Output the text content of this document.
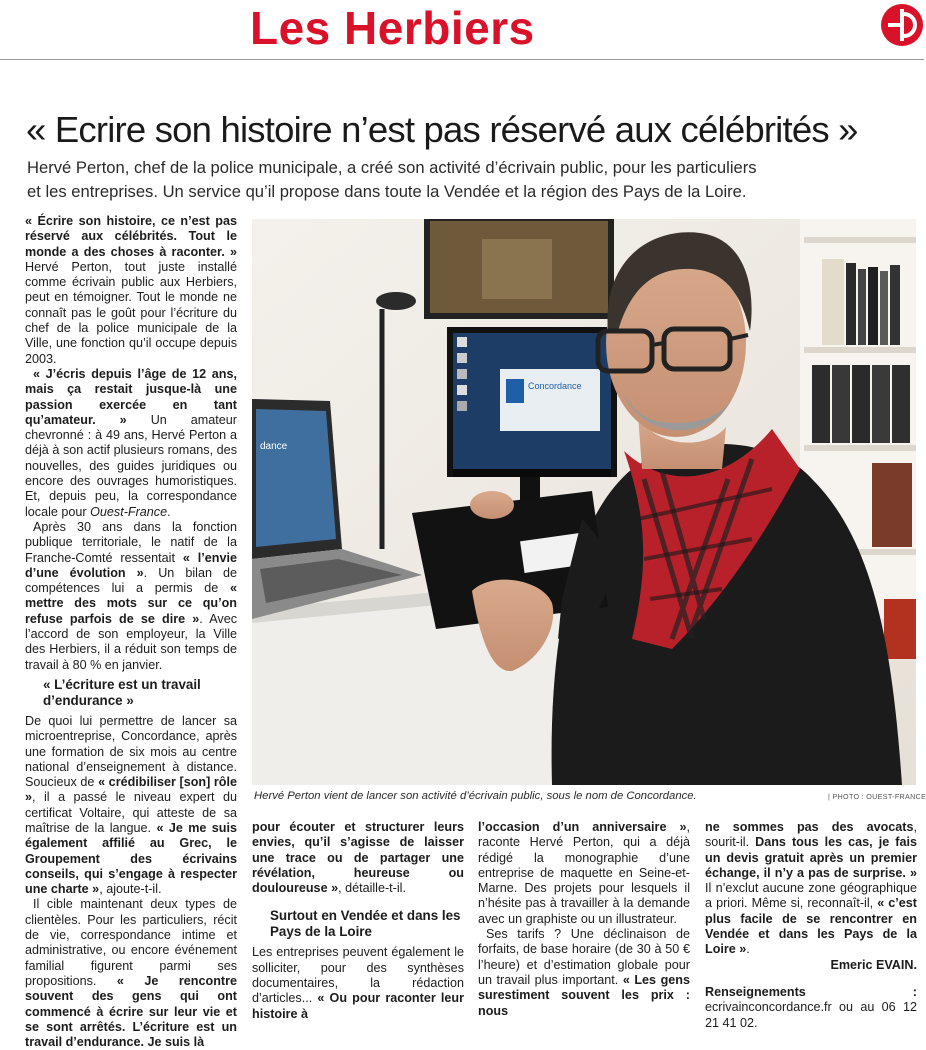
Les Herbiers
« Ecrire son histoire n’est pas réservé aux célébrités »
Hervé Perton, chef de la police municipale, a créé son activité d’écrivain public, pour les particuliers
et les entreprises. Un service qu’il propose dans toute la Vendée et la région des Pays de la Loire.

« Écrire son histoire, ce n’est pas réservé aux célébrités. Tout le monde a des choses à raconter. » Hervé Perton, tout juste installé comme écrivain public aux Herbiers, peut en témoigner. Tout le monde ne connaît pas le goût pour l’écriture du chef de la police municipale de la Ville, une fonction qu’il occupe depuis 2003.

« J’écris depuis l’âge de 12 ans, mais ça restait jusque-là une passion exercée en tant qu’amateur. » Un amateur chevronné : à 49 ans, Hervé Perton a déjà à son actif plusieurs romans, des nouvelles, des guides juridiques ou encore des ouvrages humoristiques. Et, depuis peu, la correspondance locale pour Ouest-France.

Après 30 ans dans la fonction publique territoriale, le natif de la Franche-Comté ressentait « l’envie d’une évolution ». Un bilan de compétences lui a permis de « mettre des mots sur ce qu’on refuse parfois de se dire ». Avec l’accord de son employeur, la Ville des Herbiers, il a réduit son temps de travail à 80 % en janvier.

« L’écriture est un travail d’endurance »

De quoi lui permettre de lancer sa microentreprise, Concordance, après une formation de six mois au centre national d’enseignement à distance. Soucieux de « crédibiliser [son] rôle », il a passé le niveau expert du certificat Voltaire, qui atteste de sa maîtrise de la langue. « Je me suis également affilié au Grec, le Groupement des écrivains conseils, qui s’engage à respecter une charte », ajoute-t-il.

Il cible maintenant deux types de clientèles. Pour les particuliers, récit de vie, correspondance intime et administrative, ou encore événement familial figurent parmi ses propositions. « Je rencontre souvent des gens qui ont commencé à écrire sur leur vie et se sont arrêtés. L’écriture est un travail d’endurance. Je suis là

Concordance
dance
Hervé Perton vient de lancer son activité d’écrivain public, sous le nom de Concordance.	| PHOTO : OUEST-FRANCE

pour écouter et structurer leurs envies, qu’il s’agisse de laisser une trace ou de partager une révélation, heureuse ou douloureuse », détaille-t-il.

Surtout en Vendée et dans les Pays de la Loire

Les entreprises peuvent également le solliciter, pour des synthèses documentaires, la rédaction d’articles... « Ou pour raconter leur histoire à

l’occasion d’un anniversaire », raconte Hervé Perton, qui a déjà rédigé la monographie d’une entreprise de maquette en Seine-et-Marne. Des projets pour lesquels il n’hésite pas à travailler à la demande avec un graphiste ou un illustrateur.

Ses tarifs ? Une déclinaison de forfaits, de base horaire (de 30 à 50 € l’heure) et d’estimation globale pour un travail plus important. « Les gens surestiment souvent les prix : nous

ne sommes pas des avocats, sourit-il. Dans tous les cas, je fais un devis gratuit après un premier échange, il n’y a pas de surprise. » Il n’exclut aucune zone géographique a priori. Même si, reconnaît-il, « c’est plus facile de se rencontrer en Vendée et dans les Pays de la Loire ».

Emeric EVAIN.

Renseignements : ecrivainconcordance.fr ou au 06 12 21 41 02.
